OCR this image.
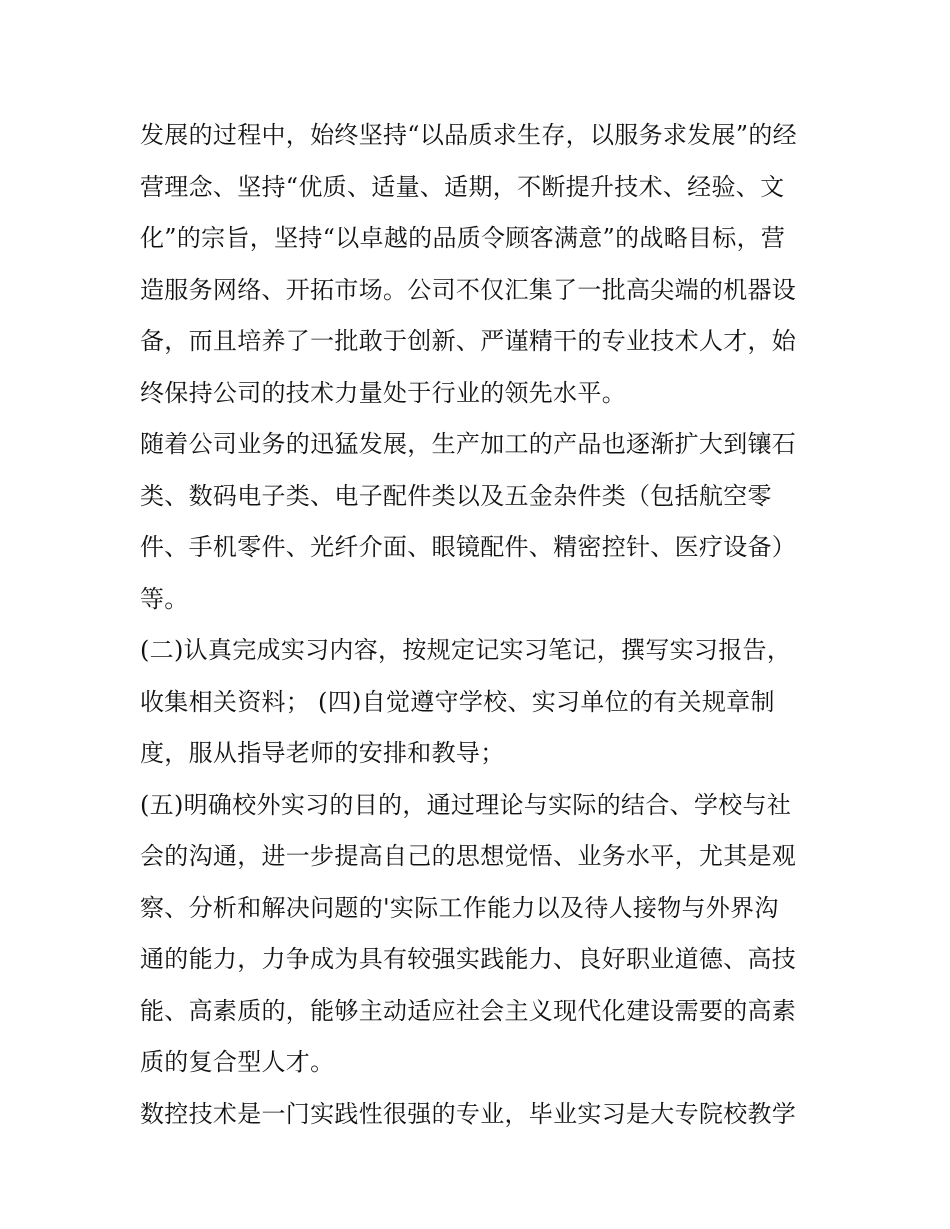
发展的过程中，始终坚持“以品质求生存，以服务求发展”的经
营理念、坚持“优质、适量、适期，不断提升技术、经验、文
化”的宗旨，坚持“以卓越的品质令顾客满意”的战略目标，营
造服务网络、开拓市场。公司不仅汇集了一批高尖端的机器设
备，而且培养了一批敢于创新、严谨精干的专业技术人才，始
终保持公司的技术力量处于行业的领先水平。
随着公司业务的迅猛发展，生产加工的产品也逐渐扩大到镶石
类、数码电子类、电子配件类以及五金杂件类（包括航空零
件、手机零件、光纤介面、眼镜配件、精密控针、医疗设备）
等。
(二)认真完成实习内容，按规定记实习笔记，撰写实习报告，
收集相关资料； (四)自觉遵守学校、实习单位的有关规章制
度，服从指导老师的安排和教导；
(五)明确校外实习的目的，通过理论与实际的结合、学校与社
会的沟通，进一步提高自己的思想觉悟、业务水平，尤其是观
察、分析和解决问题的'实际工作能力以及待人接物与外界沟
通的能力，力争成为具有较强实践能力、良好职业道德、高技
能、高素质的，能够主动适应社会主义现代化建设需要的高素
质的复合型人才。
数控技术是一门实践性很强的专业，毕业实习是大专院校教学
